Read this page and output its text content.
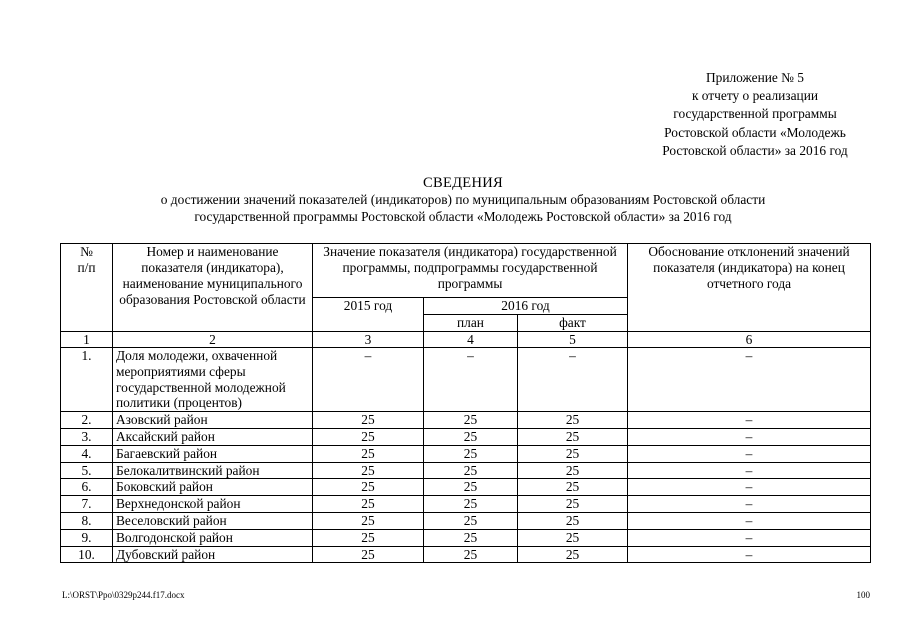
Приложение № 5
к отчету о реализации
государственной программы
Ростовской области «Молодежь
Ростовской области» за 2016 год
СВЕДЕНИЯ
о достижении значений показателей (индикаторов) по муниципальным образованиям Ростовской области
государственной программы Ростовской области «Молодежь Ростовской области» за 2016 год
№
п/п	Номер и наименование показателя (индикатора), наименование муниципального образования Ростовской области	Значение показателя (индикатора) государственной программы, подпрограммы государственной программы			Обоснование отклонений значений показателя (индикатора) на конец отчетного года
		2015 год	2016 год		
			план	факт	
1	2	3	4	5	6
1.	Доля молодежи, охваченной мероприятиями сферы государственной молодежной политики (процентов)	–	–	–	–
2.	Азовский район	25	25	25	–
3.	Аксайский район	25	25	25	–
4.	Багаевский район	25	25	25	–
5.	Белокалитвинский район	25	25	25	–
6.	Боковский район	25	25	25	–
7.	Верхнедонской район	25	25	25	–
8.	Веселовский район	25	25	25	–
9.	Волгодонской район	25	25	25	–
10.	Дубовский район	25	25	25	–
L:\ORST\Ppo\0329p244.f17.docx	100
